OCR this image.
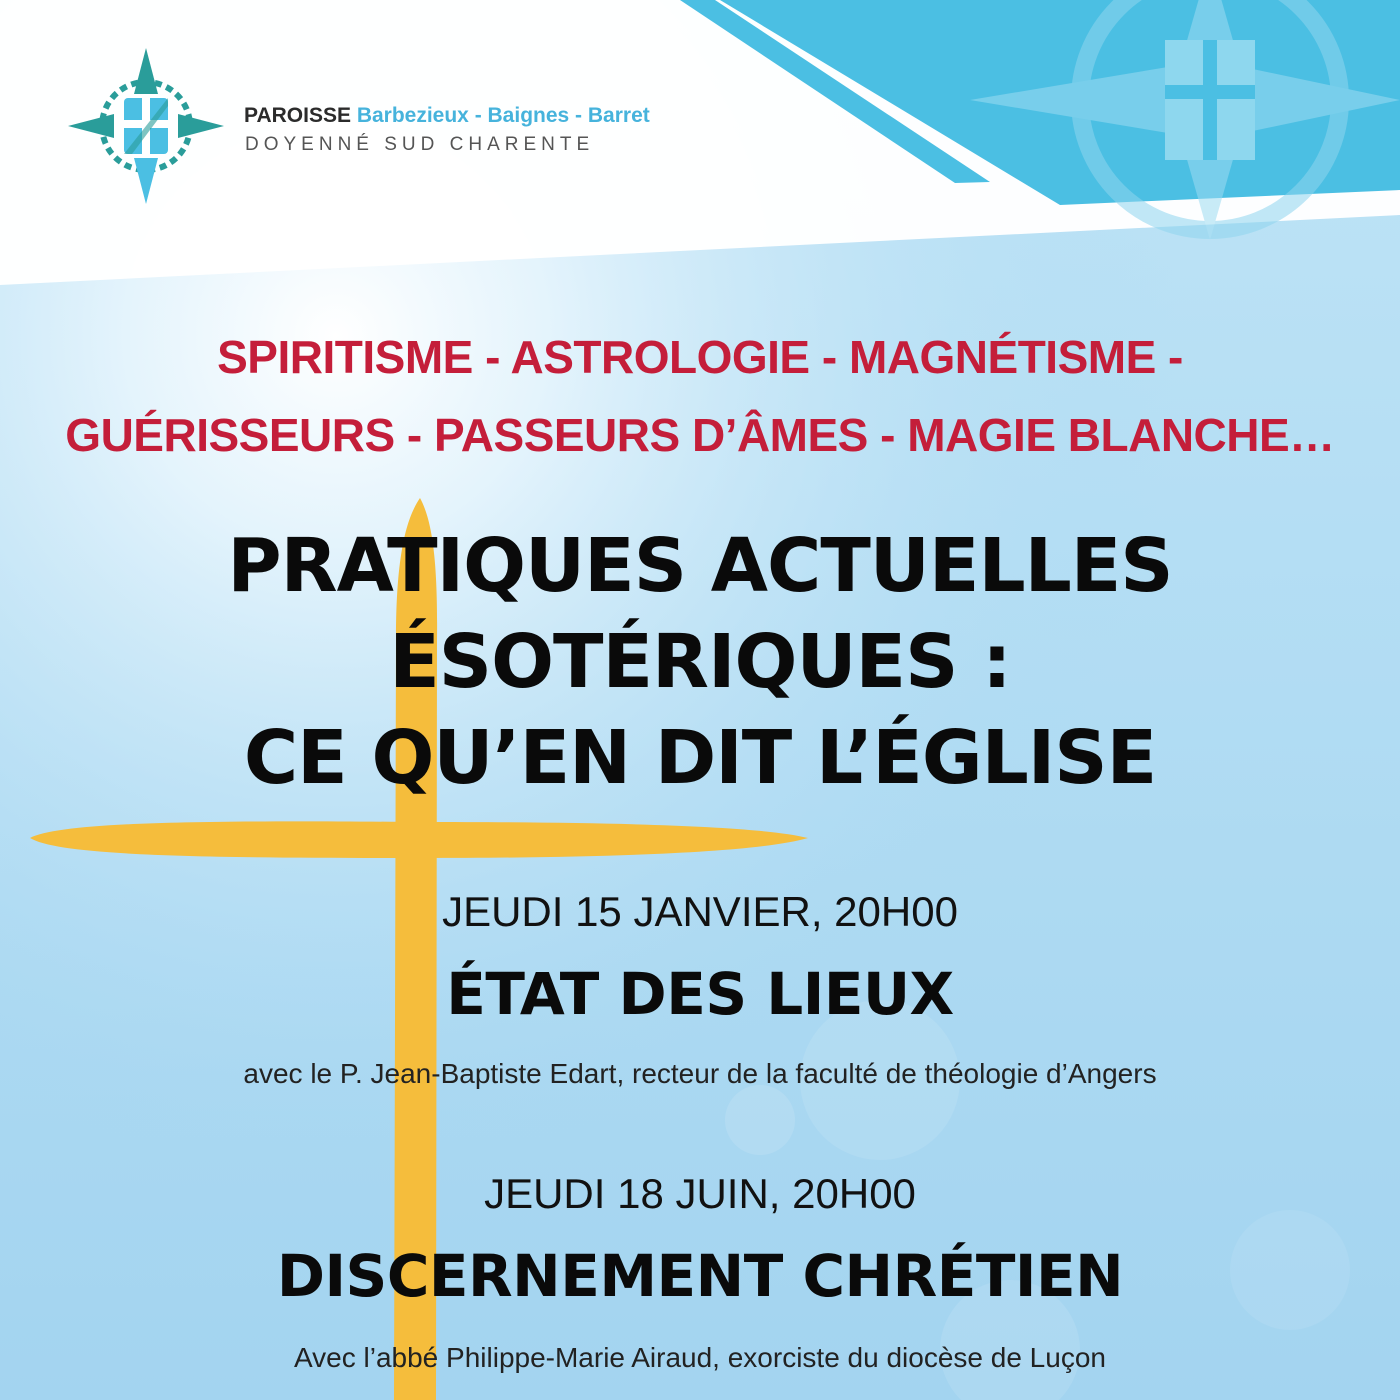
PAROISSE Barbezieux - Baignes - Barret
DOYENNÉ SUD CHARENTE
SPIRITISME - ASTROLOGIE - MAGNÉTISME -
GUÉRISSEURS - PASSEURS D’ÂMES - MAGIE BLANCHE…
PRATIQUES ACTUELLES
ÉSOTÉRIQUES :
CE QU’EN DIT L’ÉGLISE
JEUDI 15 JANVIER, 20H00
ÉTAT DES LIEUX
avec le P. Jean-Baptiste Edart, recteur de la faculté de théologie d’Angers
JEUDI 18 JUIN, 20H00
DISCERNEMENT CHRÉTIEN
Avec l’abbé Philippe-Marie Airaud, exorciste du diocèse de Luçon
